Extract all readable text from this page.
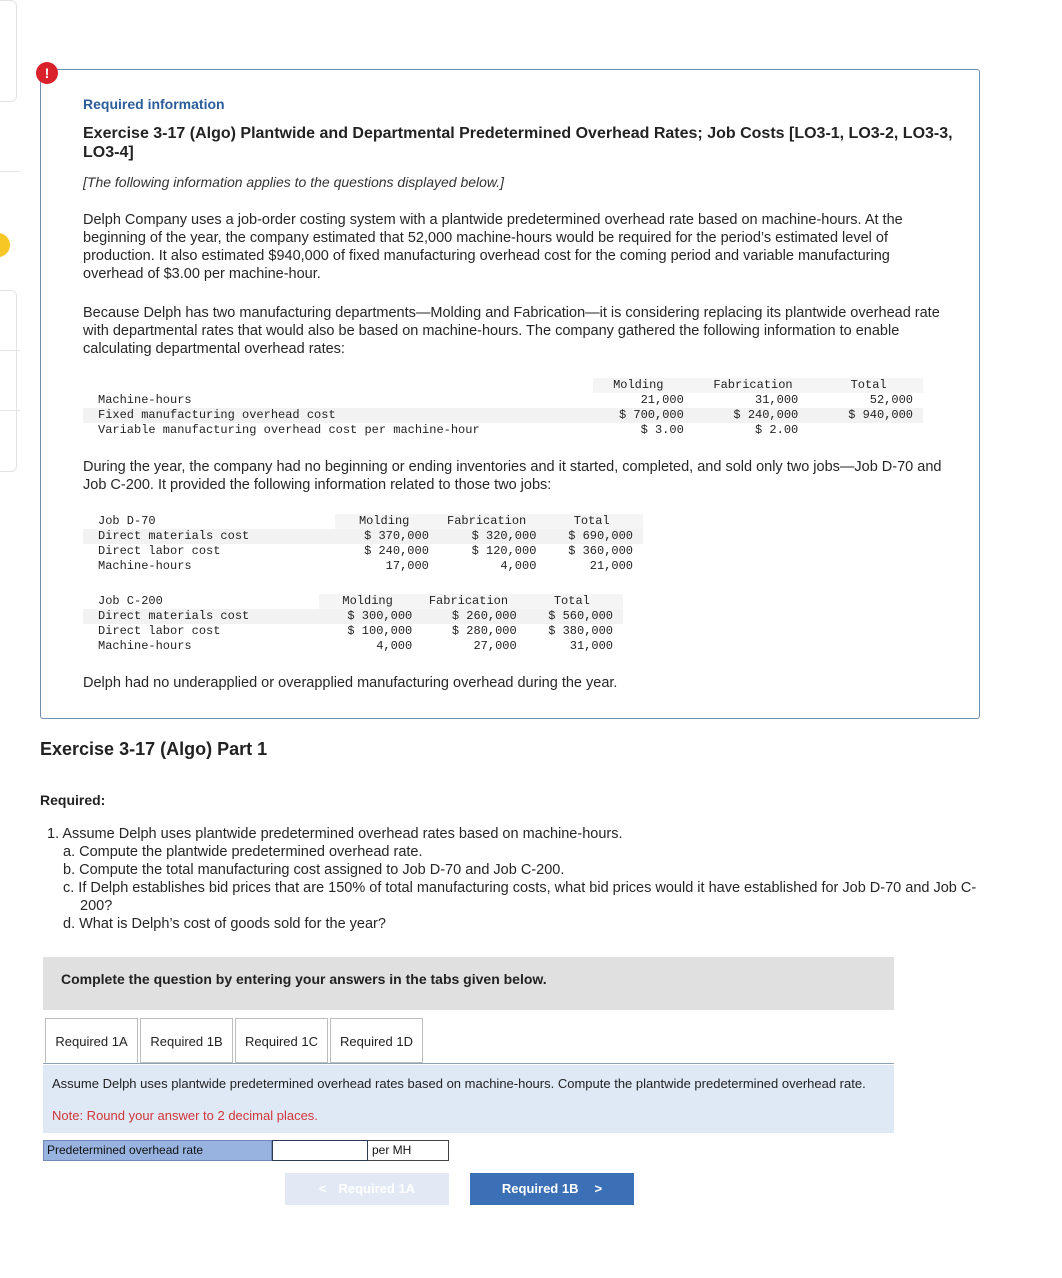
!
Required information
Exercise 3-17 (Algo) Plantwide and Departmental Predetermined Overhead Rates; Job Costs [LO3-1, LO3-2, LO3-3, LO3-4]
[The following information applies to the questions displayed below.]
Delph Company uses a job-order costing system with a plantwide predetermined overhead rate based on machine-hours. At the beginning of the year, the company estimated that 52,000 machine-hours would be required for the period’s estimated level of production. It also estimated $940,000 of fixed manufacturing overhead cost for the coming period and variable manufacturing overhead of $3.00 per machine-hour.
Because Delph has two manufacturing departments—Molding and Fabrication—it is considering replacing its plantwide overhead rate with departmental rates that would also be based on machine-hours. The company gathered the following information to enable calculating departmental overhead rates:
	Molding	Fabrication	Total
Machine-hours	21,000	31,000	52,000
Fixed manufacturing overhead cost	$ 700,000	$ 240,000	$ 940,000
Variable manufacturing overhead cost per machine-hour	$ 3.00	$ 2.00	
During the year, the company had no beginning or ending inventories and it started, completed, and sold only two jobs—Job D-70 and Job C-200. It provided the following information related to those two jobs:
Job D-70	Molding	Fabrication	Total
Direct materials cost	$ 370,000	$ 320,000	$ 690,000
Direct labor cost	$ 240,000	$ 120,000	$ 360,000
Machine-hours	17,000	4,000	21,000
Job C-200	Molding	Fabrication	Total
Direct materials cost	$ 300,000	$ 260,000	$ 560,000
Direct labor cost	$ 100,000	$ 280,000	$ 380,000
Machine-hours	4,000	27,000	31,000
Delph had no underapplied or overapplied manufacturing overhead during the year.
Exercise 3-17 (Algo) Part 1
Required:
1. Assume Delph uses plantwide predetermined overhead rates based on machine-hours.
a. Compute the plantwide predetermined overhead rate.
b. Compute the total manufacturing cost assigned to Job D-70 and Job C-200.
c. If Delph establishes bid prices that are 150% of total manufacturing costs, what bid prices would it have established for Job D-70 and Job C-200?
d. What is Delph’s cost of goods sold for the year?
Complete the question by entering your answers in the tabs given below.
Required 1A	Required 1B	Required 1C	Required 1D
Assume Delph uses plantwide predetermined overhead rates based on machine-hours. Compute the plantwide predetermined overhead rate.
Note: Round your answer to 2 decimal places.
Predetermined overhead rate	per MH
< Required 1A	Required 1B >
